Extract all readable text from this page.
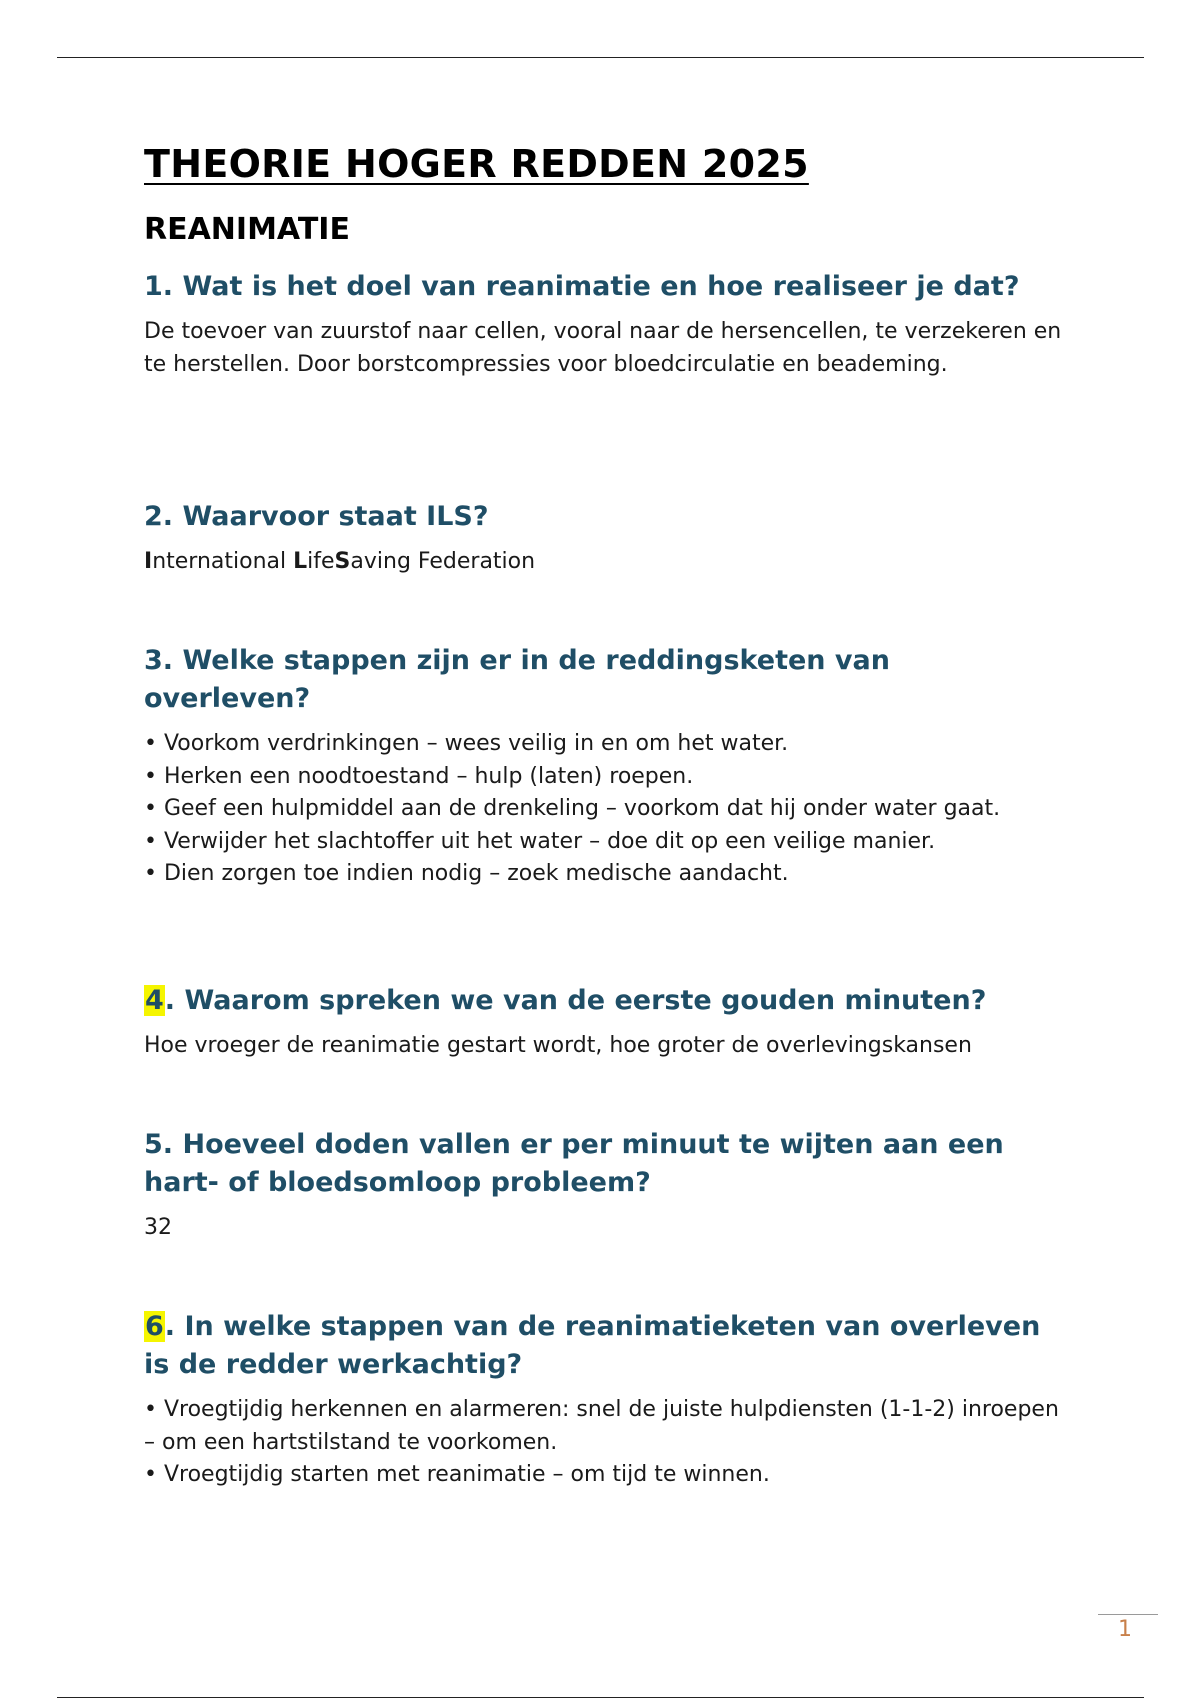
THEORIE HOGER REDDEN 2025
REANIMATIE
1. Wat is het doel van reanimatie en hoe realiseer je dat?
De toevoer van zuurstof naar cellen, vooral naar de hersencellen, te verzekeren en te herstellen. Door borstcompressies voor bloedcirculatie en beademing.
2. Waarvoor staat ILS?
International LifeSaving Federation
3. Welke stappen zijn er in de reddingsketen van overleven?

• Voorkom verdrinkingen – wees veilig in en om het water.

• Herken een noodtoestand – hulp (laten) roepen.

• Geef een hulpmiddel aan de drenkeling – voorkom dat hij onder water gaat.

• Verwijder het slachtoffer uit het water – doe dit op een veilige manier.

• Dien zorgen toe indien nodig – zoek medische aandacht.

4. Waarom spreken we van de eerste gouden minuten?
Hoe vroeger de reanimatie gestart wordt, hoe groter de overlevingskansen
5. Hoeveel doden vallen er per minuut te wijten aan een hart- of bloedsomloop probleem?
32
6. In welke stappen van de reanimatieketen van overleven is de redder werkachtig?

• Vroegtijdig herkennen en alarmeren: snel de juiste hulpdiensten (1-1-2) inroepen – om een hartstilstand te voorkomen.

• Vroegtijdig starten met reanimatie – om tijd te winnen.

1
